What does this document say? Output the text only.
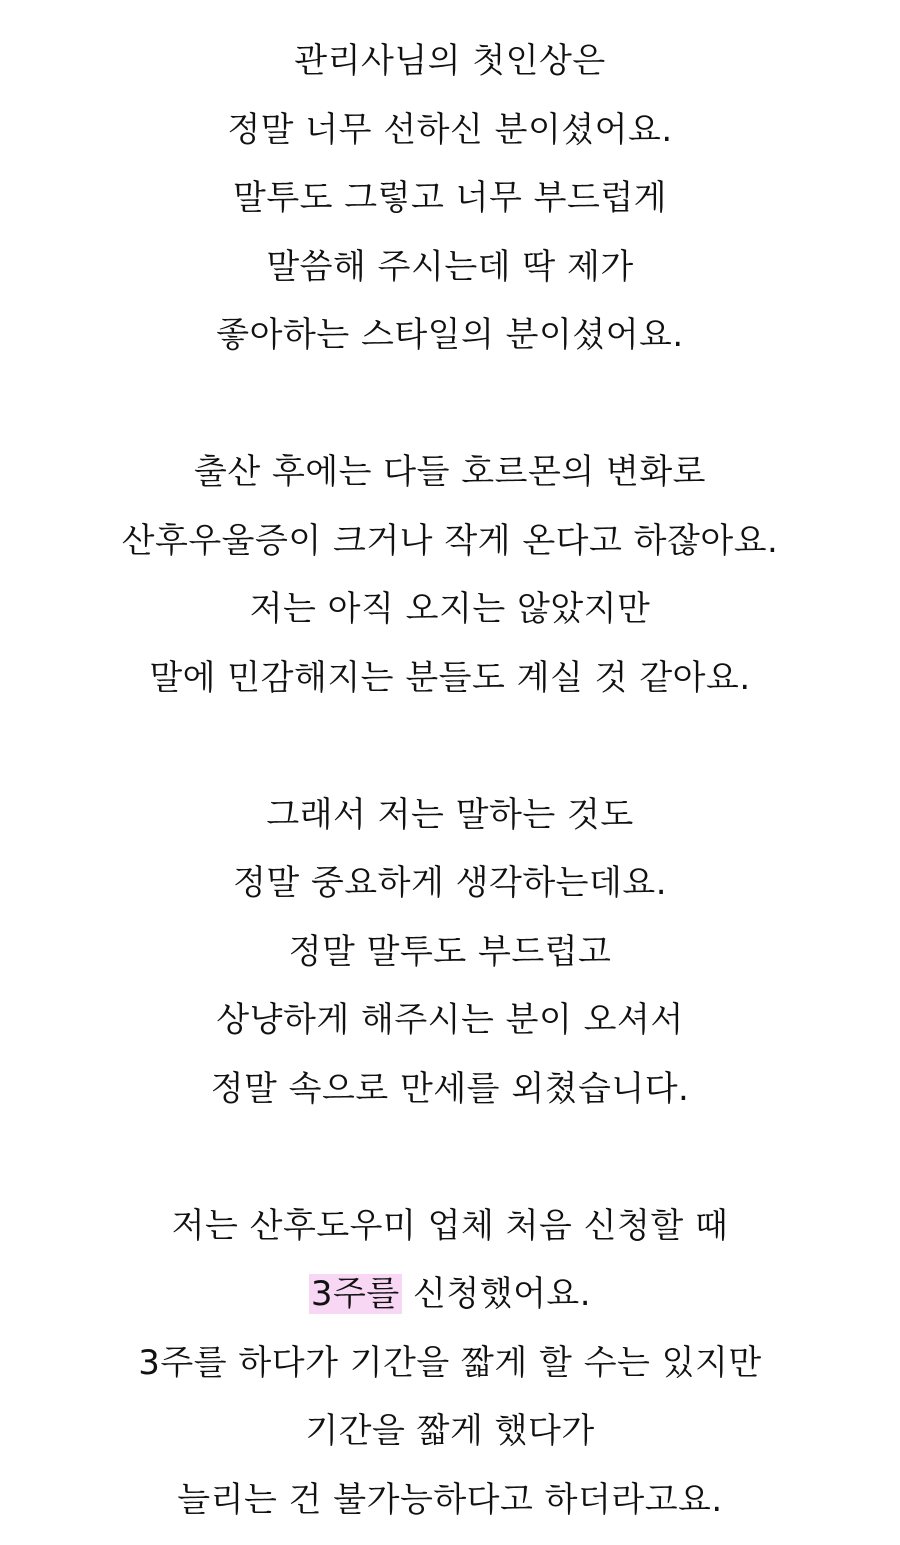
관리사님의 첫인상은
정말 너무 선하신 분이셨어요.
말투도 그렇고 너무 부드럽게
말씀해 주시는데 딱 제가
좋아하는 스타일의 분이셨어요.
출산 후에는 다들 호르몬의 변화로
산후우울증이 크거나 작게 온다고 하잖아요.
저는 아직 오지는 않았지만
말에 민감해지는 분들도 계실 것 같아요.
그래서 저는 말하는 것도
정말 중요하게 생각하는데요.
정말 말투도 부드럽고
상냥하게 해주시는 분이 오셔서
정말 속으로 만세를 외쳤습니다.
저는 산후도우미 업체 처음 신청할 때
3주를 신청했어요.
3주를 하다가 기간을 짧게 할 수는 있지만
기간을 짧게 했다가
늘리는 건 불가능하다고 하더라고요.
